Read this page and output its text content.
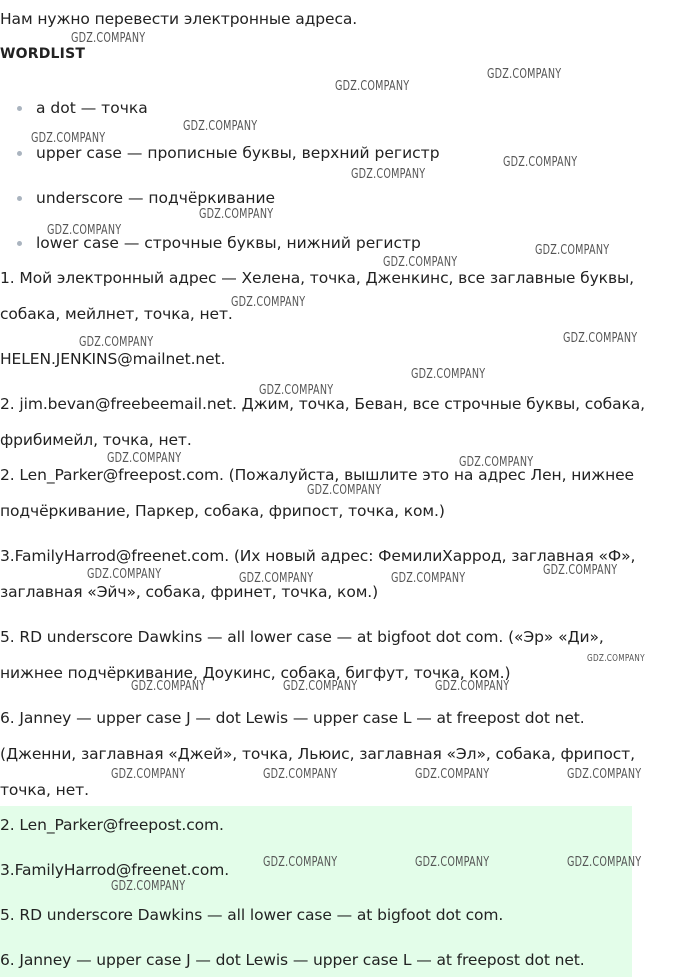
Нам нужно перевести электронные адреса.
WORDLIST
a dot — точка
upper case — прописные буквы, верхний регистр
underscore — подчёркивание
lower case — строчные буквы, нижний регистр
1. Мой электронный адрес — Хелена, точка, Дженкинс, все заглавные буквы,
собака, мейлнет, точка, нет.
HELEN.JENKINS@mailnet.net.
2. jim.bevan@freebeemail.net. Джим, точка, Беван, все строчные буквы, собака,
фрибимейл, точка, нет.
2. Len_Parker@freepost.com. (Пожалуйста, вышлите это на адрес Лен, нижнее
подчёркивание, Паркер, собака, фрипост, точка, ком.)
3.FamilyHarrod@freenet.com. (Их новый адрес: ФемилиХаррод, заглавная «Ф»,
заглавная «Эйч», собака, фринет, точка, ком.)
5. RD underscore Dawkins — all lower case — at bigfoot dot com. («Эр» «Ди»,
нижнее подчёркивание, Доукинс, собака, бигфут, точка, ком.)
6. Janney — upper case J — dot Lewis — upper case L — at freepost dot net.
(Дженни, заглавная «Джей», точка, Льюис, заглавная «Эл», собака, фрипост,
точка, нет.
2. Len_Parker@freepost.com.
3.FamilyHarrod@freenet.com.
5. RD underscore Dawkins — all lower case — at bigfoot dot com.
6. Janney — upper case J — dot Lewis — upper case L — at freepost dot net.
GDZ.COMPANY
GDZ.COMPANY
GDZ.COMPANY
GDZ.COMPANY
GDZ.COMPANY
GDZ.COMPANY
GDZ.COMPANY
GDZ.COMPANY
GDZ.COMPANY
GDZ.COMPANY
GDZ.COMPANY
GDZ.COMPANY
GDZ.COMPANY
GDZ.COMPANY
GDZ.COMPANY
GDZ.COMPANY
GDZ.COMPANY	GDZ.COMPANY
GDZ.COMPANY
GDZ.COMPANY
GDZ.COMPANY	GDZ.COMPANY	GDZ.COMPANY
GDZ.COMPANY
GDZ.COMPANY	GDZ.COMPANY	GDZ.COMPANY
GDZ.COMPANY	GDZ.COMPANY	GDZ.COMPANY	GDZ.COMPANY
GDZ.COMPANY	GDZ.COMPANY	GDZ.COMPANY
GDZ.COMPANY
